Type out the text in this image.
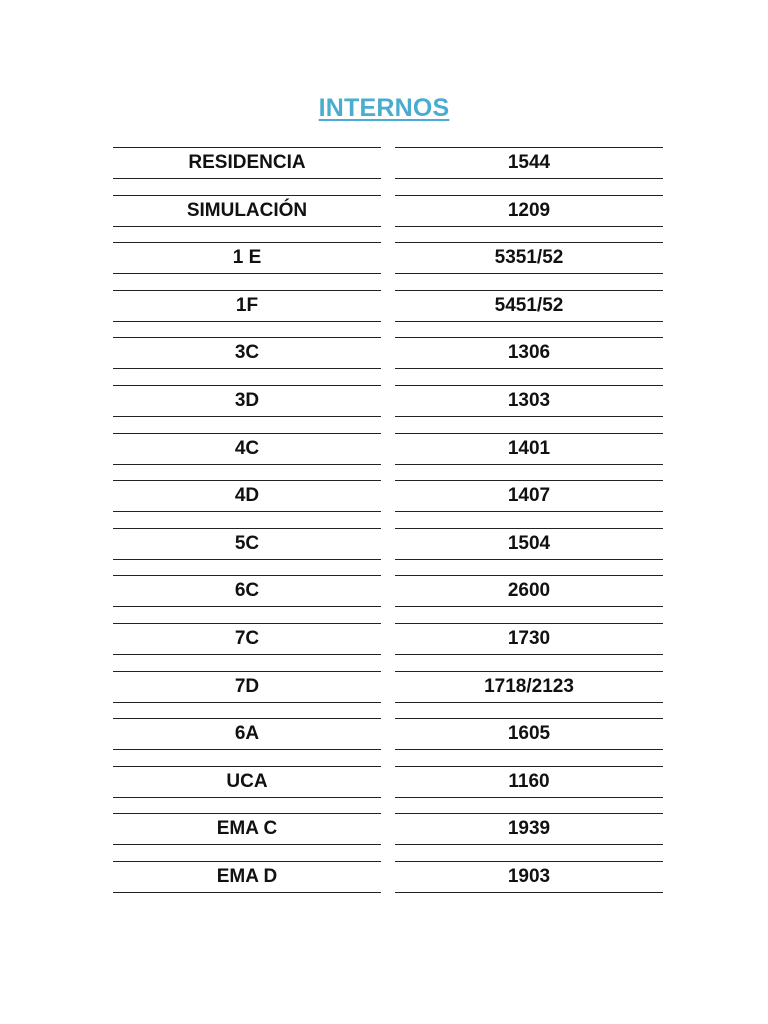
INTERNOS
RESIDENCIA	1544
SIMULACIÓN	1209
1 E	5351/52
1F	5451/52
3C	1306
3D	1303
4C	1401
4D	1407
5C	1504
6C	2600
7C	1730
7D	1718/2123
6A	1605
UCA	1160
EMA C	1939
EMA D	1903
